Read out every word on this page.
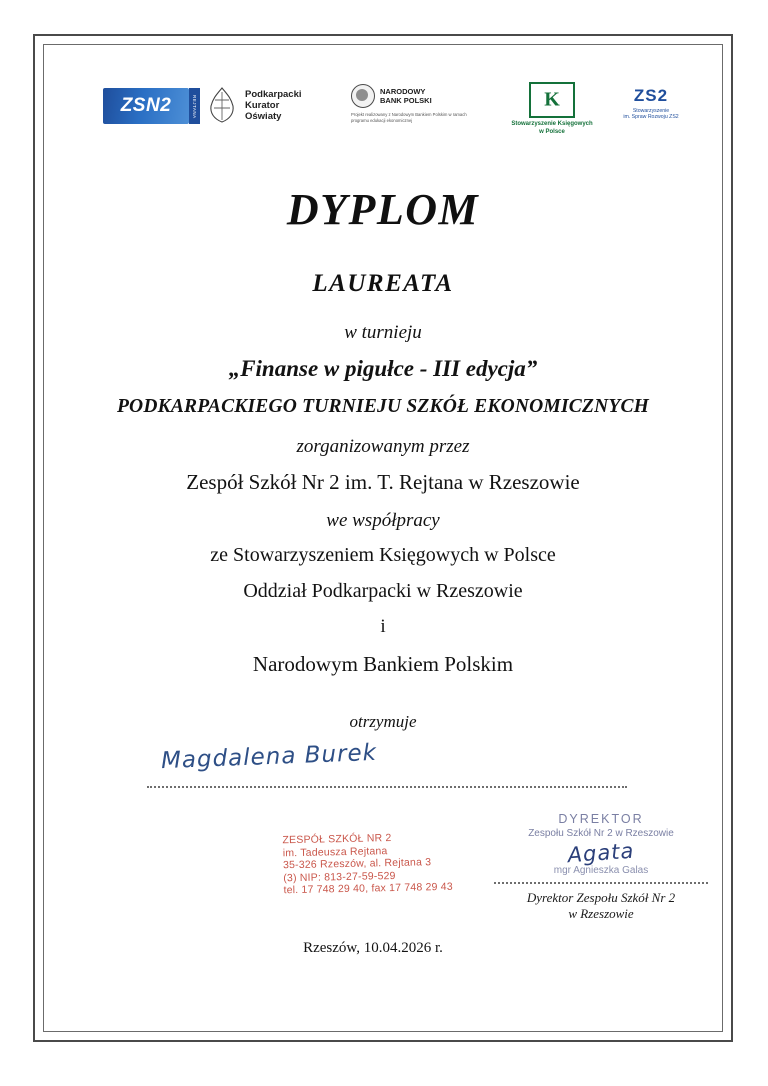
ZSN2	REJTANA
Podkarpacki
Kurator
Oświaty
NARODOWY
BANK POLSKI
Projekt realizowany z Narodowym Bankiem Polskim w ramach programu edukacji ekonomicznej
K
Stowarzyszenie Księgowych
w Polsce
ZS2
Stowarzyszenie
im. Spraw Rozwoju ZS2
DYPLOM
LAUREATA
w turnieju
„Finanse w pigułce - III edycja”
PODKARPACKIEGO TURNIEJU SZKÓŁ EKONOMICZNYCH
zorganizowanym przez
Zespół Szkół Nr 2 im. T. Rejtana w Rzeszowie
we współpracy
ze Stowarzyszeniem Księgowych w Polsce
Oddział Podkarpacki w Rzeszowie
i
Narodowym Bankiem Polskim
otrzymuje
Magdalena Burek
ZESPÓŁ SZKÓŁ NR 2
im. Tadeusza Rejtana
35-326 Rzeszów, al. Rejtana 3
(3) NIP: 813-27-59-529
tel. 17 748 29 40, fax 17 748 29 43
DYREKTOR
Zespołu Szkół Nr 2 w Rzeszowie
Agata
mgr Agnieszka Galas
Dyrektor Zespołu Szkół Nr 2
w Rzeszowie
Rzeszów, 10.04.2026 r.
